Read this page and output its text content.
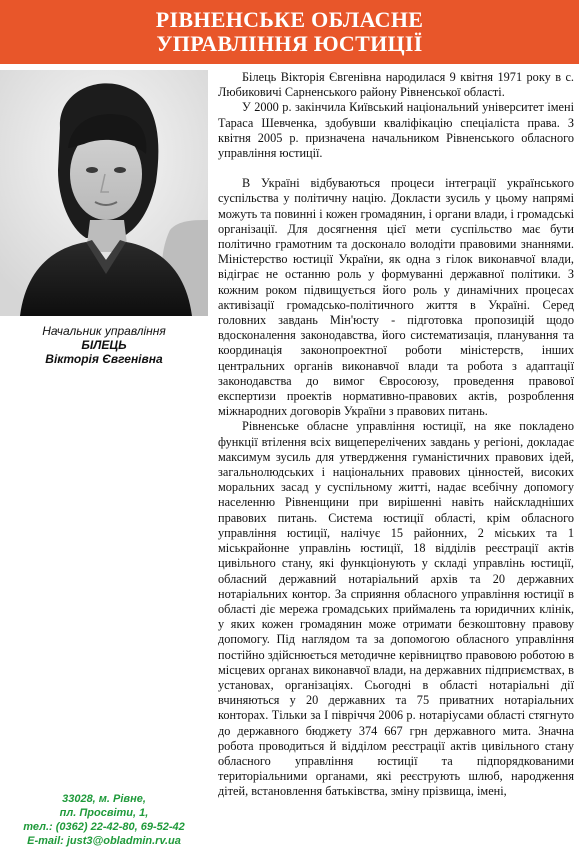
РІВНЕНСЬКЕ ОБЛАСНЕ
УПРАВЛІННЯ ЮСТИЦІЇ
Начальник управління
БІЛЕЦЬ
Вікторія Євгенівна
33028, м. Рівне,
пл. Просвіти, 1,
тел.: (0362) 22-42-80, 69-52-42
E-mail: just3@obladmin.rv.ua

Білець Вікторія Євгенівна народилася 9 квітня 1971 року в с. Любиковичі Сарненського району Рівненської області.

У 2000 р. закінчила Київський національний університет імені Тараса Шевченка, здобувши кваліфікацію спеціаліста права. З квітня 2005 р. призначена начальником Рівненського обласного управління юстиції.

В Україні відбуваються процеси інтеграції українського суспільства у політичну націю. Докласти зусиль у цьому напрямі можуть та повинні і кожен громадянин, і органи влади, і громадські організації. Для досягнення цієї мети суспільство має бути політично грамотним та досконало володіти правовими знаннями. Міністерство юстиції України, як одна з гілок виконавчої влади, відіграє не останню роль у формуванні державної політики. З кожним роком підвищується його роль у динамічних процесах активізації громадсько-політичного життя в Україні. Серед головних завдань Мін'юсту - підготовка пропозицій щодо вдосконалення законодавства, його систематизація, планування та координація законопроектної роботи міністерств, інших центральних органів виконавчої влади та робота з адаптації законодавства до вимог Євросоюзу, проведення правової експертизи проектів нормативно-правових актів, розроблення міжнародних договорів України з правових питань.

Рівненське обласне управління юстиції, на яке покладено функції втілення всіх вищеперелічених завдань у регіоні, докладає максимум зусиль для утвердження гуманістичних правових ідей, загальнолюдських і національних правових цінностей, високих моральних засад у суспільному житті, надає всебічну допомогу населенню Рівненщини при вирішенні навіть найскладніших правових питань. Система юстиції області, крім обласного управління юстиції, налічує 15 районних, 2 міських та 1 міськрайонне управлінь юстиції, 18 відділів реєстрації актів цивільного стану, які функціонують у складі управлінь юстиції, обласний державний нотаріальний архів та 20 державних нотаріальних контор. За сприяння обласного управління юстиції в області діє мережа громадських приймалень та юридичних клінік, у яких кожен громадянин може отримати безкоштовну правову допомогу. Під наглядом та за допомогою обласного управління постійно здійснюється методичне керівництво правовою роботою в місцевих органах виконавчої влади, на державних підприємствах, в установах, організаціях. Сьогодні в області нотаріальні дії вчиняються у 20 державних та 75 приватних нотаріальних конторах. Тільки за І півріччя 2006 р. нотаріусами області стягнуто до державного бюджету 374 667 грн державного мита. Значна робота проводиться й відділом реєстрації актів цивільного стану обласного управління юстиції та підпорядкованими територіальними органами, які реєструють шлюб, народження дітей, встановлення батьківства, зміну прізвища, імені,
